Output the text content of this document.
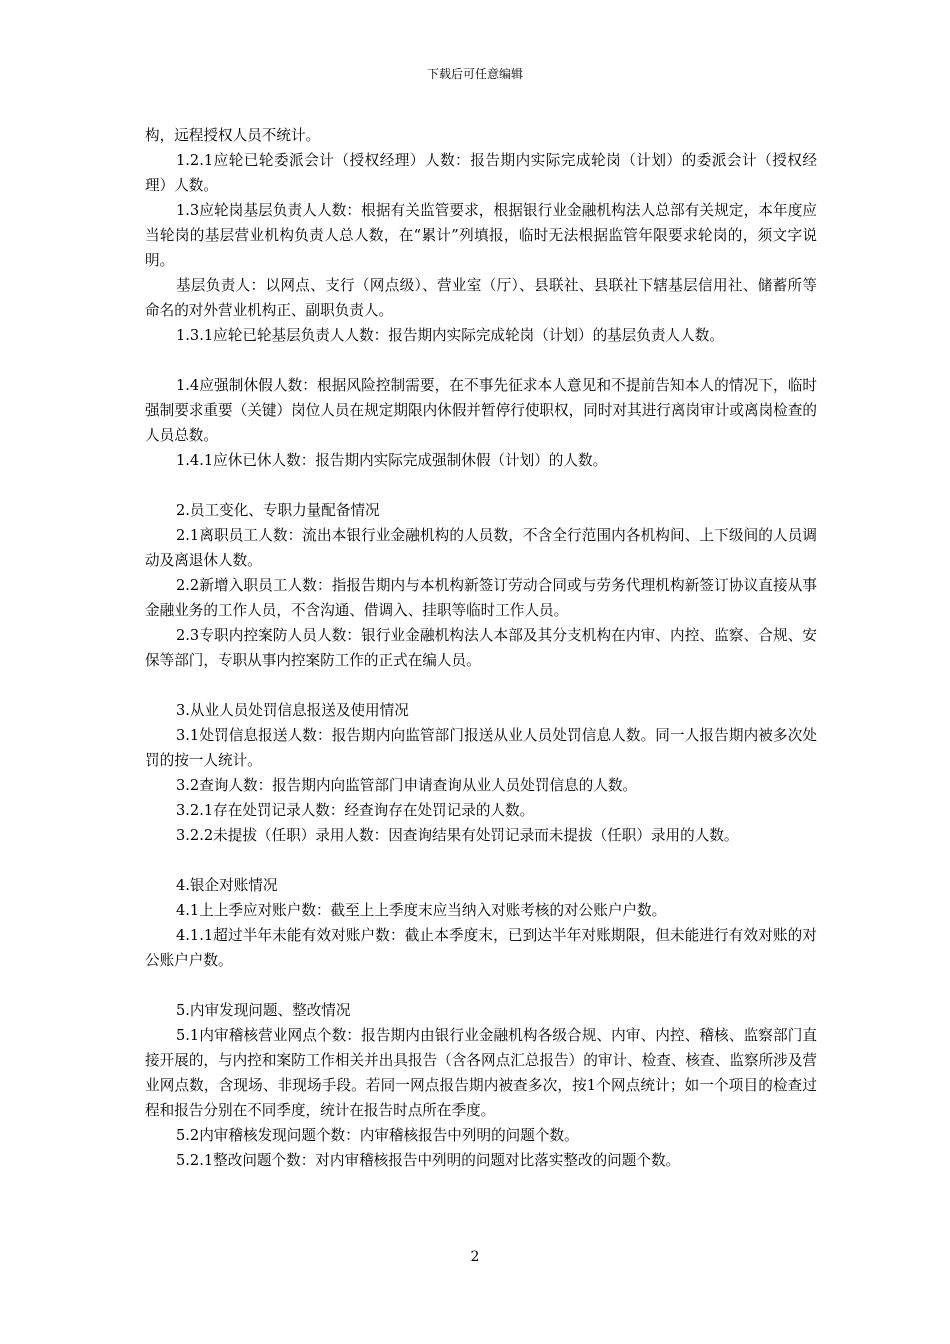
下载后可任意编辑

构，远程授权人员不统计。

1.2.1应轮已轮委派会计（授权经理）人数：报告期内实际完成轮岗（计划）的委派会计（授权经理）人数。

1.3应轮岗基层负责人人数：根据有关监管要求，根据银行业金融机构法人总部有关规定，本年度应当轮岗的基层营业机构负责人总人数，在“累计”列填报，临时无法根据监管年限要求轮岗的，须文字说明。

基层负责人：以网点、支行（网点级）、营业室（厅）、县联社、县联社下辖基层信用社、储蓄所等命名的对外营业机构正、副职负责人。

1.3.1应轮已轮基层负责人人数：报告期内实际完成轮岗（计划）的基层负责人人数。

1.4应强制休假人数：根据风险控制需要，在不事先征求本人意见和不提前告知本人的情况下，临时强制要求重要（关键）岗位人员在规定期限内休假并暂停行使职权，同时对其进行离岗审计或离岗检查的人员总数。

1.4.1应休已休人数：报告期内实际完成强制休假（计划）的人数。

2.员工变化、专职力量配备情况

2.1离职员工人数：流出本银行业金融机构的人员数，不含全行范围内各机构间、上下级间的人员调动及离退休人数。

2.2新增入职员工人数：指报告期内与本机构新签订劳动合同或与劳务代理机构新签订协议直接从事金融业务的工作人员，不含沟通、借调入、挂职等临时工作人员。

2.3专职内控案防人员人数：银行业金融机构法人本部及其分支机构在内审、内控、监察、合规、安保等部门，专职从事内控案防工作的正式在编人员。

3.从业人员处罚信息报送及使用情况

3.1处罚信息报送人数：报告期内向监管部门报送从业人员处罚信息人数。同一人报告期内被多次处罚的按一人统计。

3.2查询人数：报告期内向监管部门申请查询从业人员处罚信息的人数。

3.2.1存在处罚记录人数：经查询存在处罚记录的人数。

3.2.2未提拔（任职）录用人数：因查询结果有处罚记录而未提拔（任职）录用的人数。

4.银企对账情况

4.1上上季应对账户数：截至上上季度末应当纳入对账考核的对公账户户数。

4.1.1超过半年未能有效对账户数：截止本季度末，已到达半年对账期限，但未能进行有效对账的对公账户户数。

5.内审发现问题、整改情况

5.1内审稽核营业网点个数：报告期内由银行业金融机构各级合规、内审、内控、稽核、监察部门直接开展的，与内控和案防工作相关并出具报告（含各网点汇总报告）的审计、检查、核查、监察所涉及营业网点数，含现场、非现场手段。若同一网点报告期内被查多次，按1个网点统计；如一个项目的检查过程和报告分别在不同季度，统计在报告时点所在季度。

5.2内审稽核发现问题个数：内审稽核报告中列明的问题个数。

5.2.1整改问题个数：对内审稽核报告中列明的问题对比落实整改的问题个数。

2
